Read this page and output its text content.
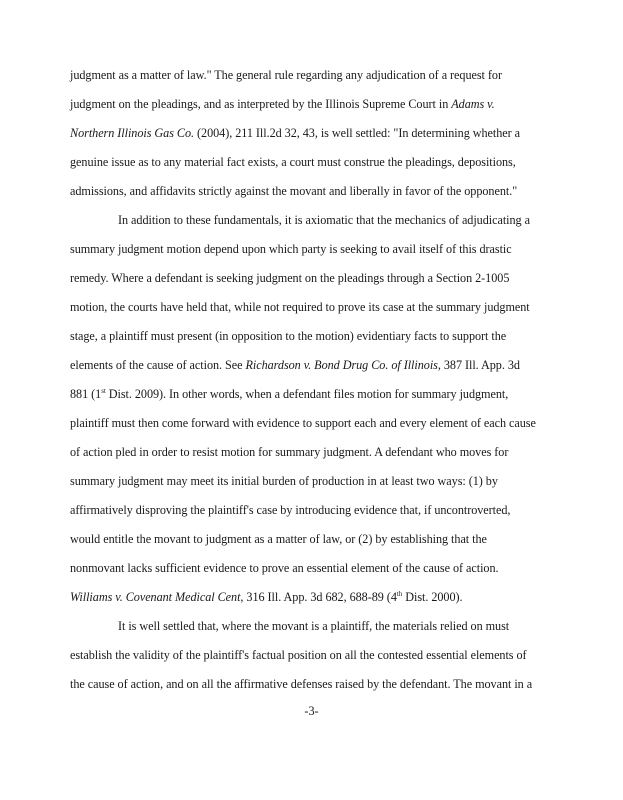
judgment as a matter of law." The general rule regarding any adjudication of a request for
judgment on the pleadings, and as interpreted by the Illinois Supreme Court in Adams v.
Northern Illinois Gas Co. (2004), 211 Ill.2d 32, 43, is well settled: "In determining whether a
genuine issue as to any material fact exists, a court must construe the pleadings, depositions,
admissions, and affidavits strictly against the movant and liberally in favor of the opponent."
In addition to these fundamentals, it is axiomatic that the mechanics of adjudicating a
summary judgment motion depend upon which party is seeking to avail itself of this drastic
remedy. Where a defendant is seeking judgment on the pleadings through a Section 2-1005
motion, the courts have held that, while not required to prove its case at the summary judgment
stage, a plaintiff must present (in opposition to the motion) evidentiary facts to support the
elements of the cause of action. See Richardson v. Bond Drug Co. of Illinois, 387 Ill. App. 3d
881 (1st Dist. 2009). In other words, when a defendant files motion for summary judgment,
plaintiff must then come forward with evidence to support each and every element of each cause
of action pled in order to resist motion for summary judgment. A defendant who moves for
summary judgment may meet its initial burden of production in at least two ways: (1) by
affirmatively disproving the plaintiff's case by introducing evidence that, if uncontroverted,
would entitle the movant to judgment as a matter of law, or (2) by establishing that the
nonmovant lacks sufficient evidence to prove an essential element of the cause of action.
Williams v. Covenant Medical Cent, 316 Ill. App. 3d 682, 688-89 (4th Dist. 2000).
It is well settled that, where the movant is a plaintiff, the materials relied on must
establish the validity of the plaintiff's factual position on all the contested essential elements of
the cause of action, and on all the affirmative defenses raised by the defendant. The movant in a
-3-
